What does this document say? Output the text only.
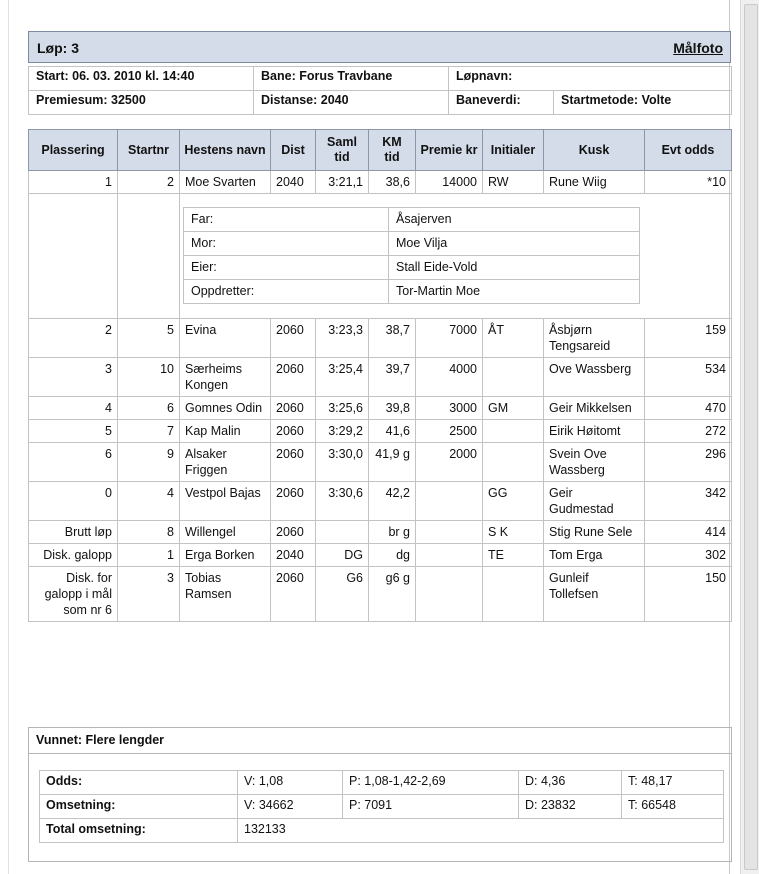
Løp: 3	Målfoto
Start: 06. 03. 2010 kl. 14:40	Bane: Forus Travbane	Løpnavn:	
Premiesum: 32500	Distanse: 2040	Baneverdi:	Startmetode: Volte
Plassering	Startnr	Hestens navn	Dist	Saml tid	KM tid	Premie kr	Initialer	Kusk	Evt odds
1	2	Moe Svarten	2040	3:21,1	38,6	14000	RW	Rune Wiig	*10

Far:	Åsajerven
Mor:	Moe Vilja
Eier:	Stall Eide-Vold
Oppdretter:	Tor-Martin Moe

2	5	Evina	2060	3:23,3	38,7	7000	ÅT	Åsbjørn Tengsareid	159
3	10	Særheims Kongen	2060	3:25,4	39,7	4000		Ove Wassberg	534
4	6	Gomnes Odin	2060	3:25,6	39,8	3000	GM	Geir Mikkelsen	470
5	7	Kap Malin	2060	3:29,2	41,6	2500		Eirik Høitomt	272
6	9	Alsaker Friggen	2060	3:30,0	41,9 g	2000		Svein Ove Wassberg	296
0	4	Vestpol Bajas	2060	3:30,6	42,2		GG	Geir Gudmestad	342
Brutt løp	8	Willengel	2060		br g		S K	Stig Rune Sele	414
Disk. galopp	1	Erga Borken	2040	DG	dg		TE	Tom Erga	302
Disk. for galopp i mål som nr 6	3	Tobias Ramsen	2060	G6	g6 g			Gunleif Tollefsen	150
Vunnet: Flere lengder
Odds:	V: 1,08	P: 1,08-1,42-2,69	D: 4,36	T: 48,17
Omsetning:	V: 34662	P: 7091	D: 23832	T: 66548
Total omsetning:	132133			
